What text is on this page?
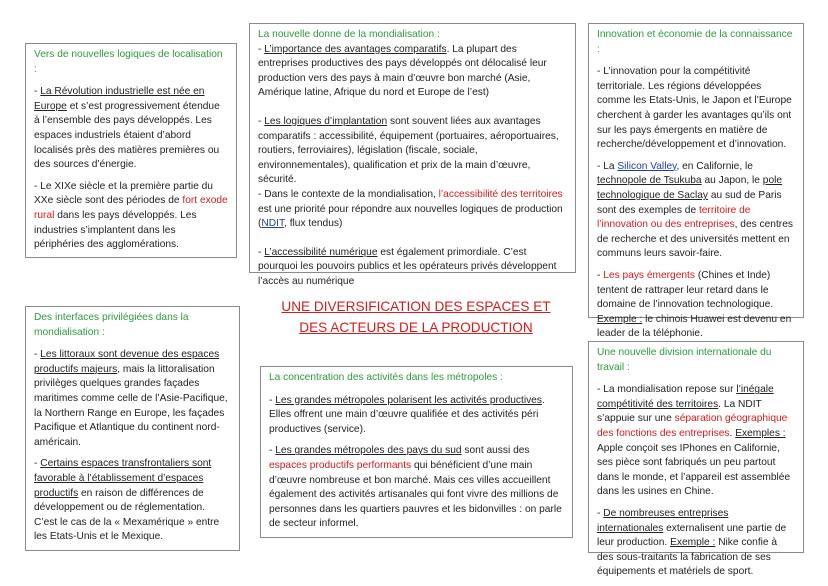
Vers de nouvelles logiques de localisation :

- La Révolution industrielle est née en Europe et s’est progressivement étendue à l’ensemble des pays développés. Les espaces industriels étaient d’abord localisés près des matières premières ou des sources d’énergie.

- Le XIXe siècle et la première partie du XXe siècle sont des périodes de fort exode rural dans les pays développés. Les industries s’implantent dans les périphéries des agglomérations.

La nouvelle donne de la mondialisation :

- L’importance des avantages comparatifs. La plupart des entreprises productives des pays développés ont délocalisé leur production vers des pays à main d’œuvre bon marché (Asie, Amérique latine, Afrique du nord et Europe de l’est)

- Les logiques d’implantation sont souvent liées aux avantages comparatifs : accessibilité, équipement (portuaires, aéroportuaires, routiers, ferroviaires), législation (fiscale, sociale, environnementales), qualification et prix de la main d’œuvre, sécurité.

- Dans le contexte de la mondialisation, l’accessibilité des territoires est une priorité pour répondre aux nouvelles logiques de production (NDIT, flux tendus)

- L’accessibilité numérique est également primordiale. C’est pourquoi les pouvoirs publics et les opérateurs privés développent l’accès au numérique

Innovation et économie de la connaissance :

- L’innovation pour la compétitivité territoriale. Les régions développées comme les Etats-Unis, le Japon et l’Europe cherchent à garder les avantages qu’ils ont sur les pays émergents en matière de recherche/développement et d’innovation.

- La Silicon Valley, en Californie, le technopole de Tsukuba au Japon, le pole technologique de Saclay au sud de Paris sont des exemples de territoire de l’innovation ou des entreprises, des centres de recherche et des universités mettent en communs leurs savoir-faire.

- Les pays émergents (Chines et Inde) tentent de rattraper leur retard dans le domaine de l’innovation technologique. Exemple : le chinois Huawei est devenu en leader de la téléphonie.

UNE DIVERSIFICATION DES ESPACES ET
DES ACTEURS DE LA PRODUCTION
Des interfaces privilégiées dans la mondialisation :

- Les littoraux sont devenue des espaces productifs majeurs, mais la littoralisation privilèges quelques grandes façades maritimes comme celle de l’Asie-Pacifique, la Northern Range en Europe, les façades Pacifique et Atlantique du continent nord-américain.

- Certains espaces transfrontaliers sont favorable à l’établissement d’espaces productifs en raison de différences de développement ou de réglementation. C’est le cas de la « Mexamérique » entre les Etats-Unis et le Mexique.

La concentration des activités dans les métropoles :

- Les grandes métropoles polarisent les activités productives. Elles offrent une main d’œuvre qualifiée et des activités péri productives (service).

- Les grandes métropoles des pays du sud sont aussi des espaces productifs performants qui bénéficient d’une main d’œuvre nombreuse et bon marché. Mais ces villes accueillent également des activités artisanales qui font vivre des millions de personnes dans les quartiers pauvres et les bidonvilles : on parle de secteur informel.

Une nouvelle division internationale du travail :

- La mondialisation repose sur l’inégale compétitivité des territoires. La NDIT s’appuie sur une séparation géographique des fonctions des entreprises. Exemples : Apple conçoit ses IPhones en Californie, ses pièce sont fabriqués un peu partout dans le monde, et l’appareil est assemblée dans les usines en Chine.

- De nombreuses entreprises internationales externalisent une partie de leur production. Exemple : Nike confie à des sous-traitants la fabrication de ses équipements et matériels de sport.
